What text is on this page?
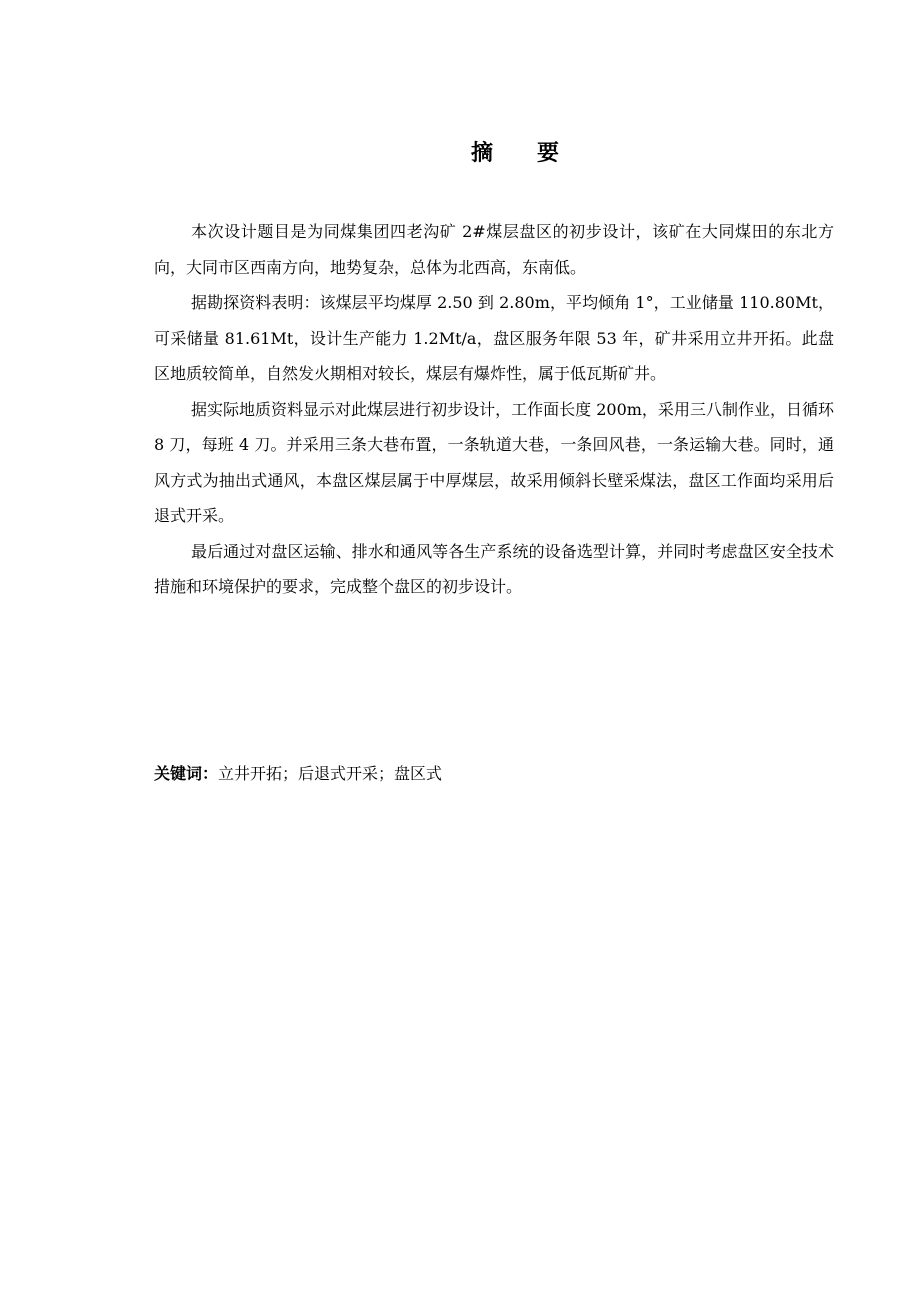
摘　　要

本次设计题目是为同煤集团四老沟矿 2#煤层盘区的初步设计，该矿在大同煤田的东北方向，大同市区西南方向，地势复杂，总体为北西高，东南低。

据勘探资料表明：该煤层平均煤厚 2.50 到 2.80m，平均倾角 1°，工业储量 110.80Mt，可采储量 81.61Mt，设计生产能力 1.2Mt/a，盘区服务年限 53 年，矿井采用立井开拓。此盘区地质较简单，自然发火期相对较长，煤层有爆炸性，属于低瓦斯矿井。

据实际地质资料显示对此煤层进行初步设计，工作面长度 200m，采用三八制作业，日循环 8 刀，每班 4 刀。并采用三条大巷布置，一条轨道大巷，一条回风巷，一条运输大巷。同时，通风方式为抽出式通风，本盘区煤层属于中厚煤层，故采用倾斜长壁采煤法，盘区工作面均采用后退式开采。

最后通过对盘区运输、排水和通风等各生产系统的设备选型计算，并同时考虑盘区安全技术措施和环境保护的要求，完成整个盘区的初步设计。

关键词：立井开拓；后退式开采；盘区式
